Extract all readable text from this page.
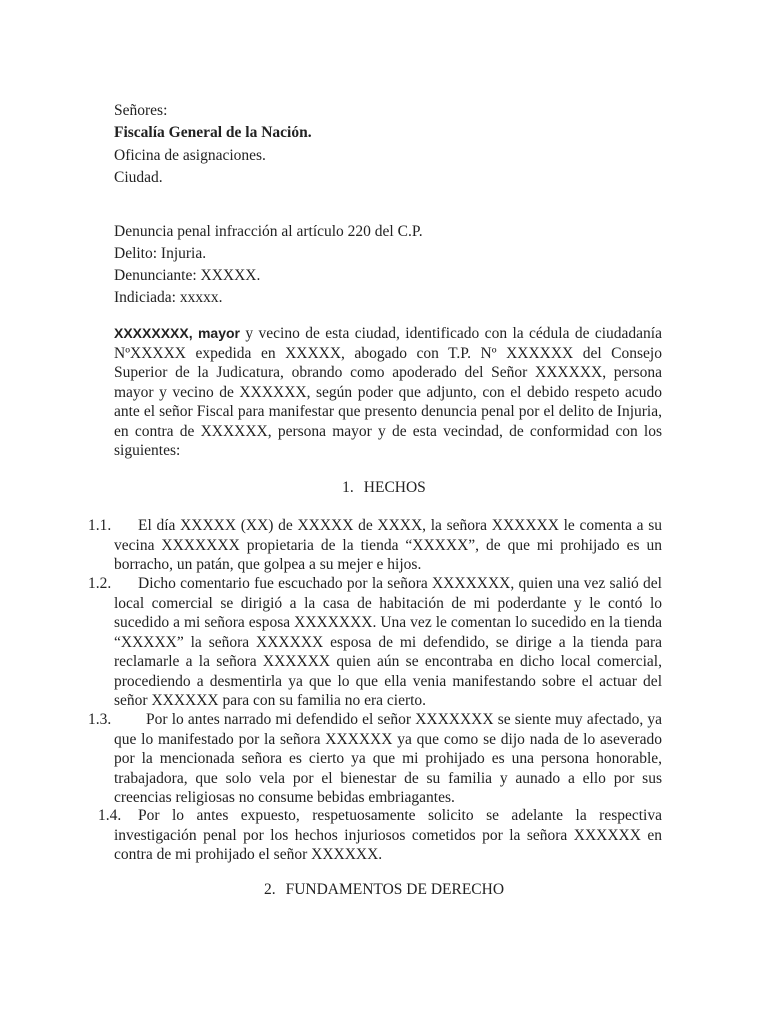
Señores:
Fiscalía General de la Nación.
Oficina de asignaciones.
Ciudad.
Denuncia penal infracción al artículo 220 del C.P.
Delito: Injuria.
Denunciante: XXXXX.
Indiciada: xxxxx.
XXXXXXXX, mayor y vecino de esta ciudad, identificado con la cédula de ciudadanía NºXXXXX expedida en XXXXX, abogado con T.P. Nº XXXXXX del Consejo Superior de la Judicatura, obrando como apoderado del Señor XXXXXX, persona mayor y vecino de XXXXXX, según poder que adjunto, con el debido respeto acudo ante el señor Fiscal para manifestar que presento denuncia penal por el delito de Injuria, en contra de XXXXXX, persona mayor y de esta vecindad, de conformidad con los siguientes:
1. HECHOS
1.1. El día XXXXX (XX) de XXXXX de XXXX, la señora XXXXXX le comenta a su vecina XXXXXXX propietaria de la tienda “XXXXX”, de que mi prohijado es un borracho, un patán, que golpea a su mejer e hijos.
1.2. Dicho comentario fue escuchado por la señora XXXXXXX, quien una vez salió del local comercial se dirigió a la casa de habitación de mi poderdante y le contó lo sucedido a mi señora esposa XXXXXXX. Una vez le comentan lo sucedido en la tienda “XXXXX” la señora XXXXXX esposa de mi defendido, se dirige a la tienda para reclamarle a la señora XXXXXX quien aún se encontraba en dicho local comercial, procediendo a desmentirla ya que lo que ella venia manifestando sobre el actuar del señor XXXXXX para con su familia no era cierto.
1.3. Por lo antes narrado mi defendido el señor XXXXXXX se siente muy afectado, ya que lo manifestado por la señora XXXXXX ya que como se dijo nada de lo aseverado por la mencionada señora es cierto ya que mi prohijado es una persona honorable, trabajadora, que solo vela por el bienestar de su familia y aunado a ello por sus creencias religiosas no consume bebidas embriagantes.
1.4. Por lo antes expuesto, respetuosamente solicito se adelante la respectiva investigación penal por los hechos injuriosos cometidos por la señora XXXXXX en contra de mi prohijado el señor XXXXXX.
2. FUNDAMENTOS DE DERECHO
